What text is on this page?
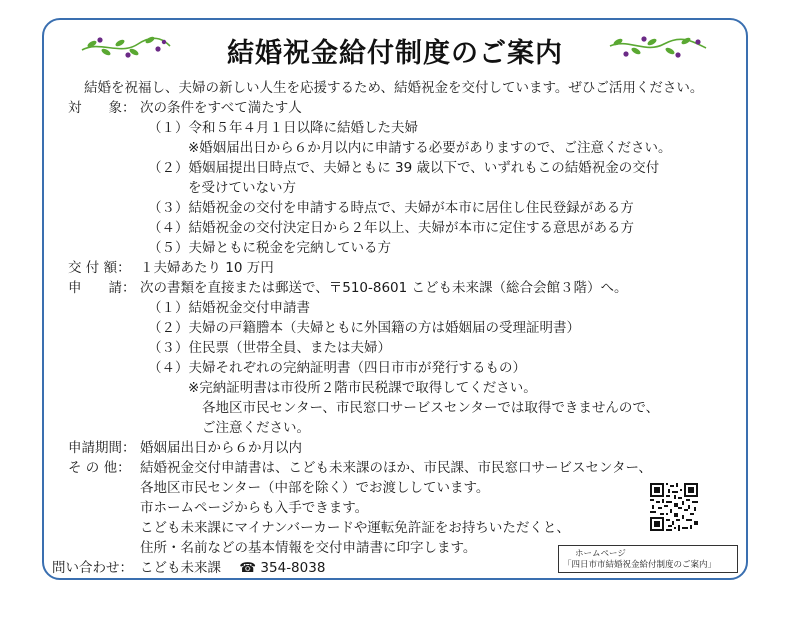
結婚祝金給付制度のご案内
結婚を祝福し、夫婦の新しい人生を応援するため、結婚祝金を交付しています。ぜひご活用ください。
対　　象： 次の条件をすべて満たす人
（１）令和５年４月１日以降に結婚した夫婦
※婚姻届出日から６か月以内に申請する必要がありますので、ご注意ください。
（２）婚姻届提出日時点で、夫婦ともに 39 歳以下で、いずれもこの結婚祝金の交付
を受けていない方
（３）結婚祝金の交付を申請する時点で、夫婦が本市に居住し住民登録がある方
（４）結婚祝金の交付決定日から２年以上、夫婦が本市に定住する意思がある方
（５）夫婦ともに税金を完納している方
交 付 額： １夫婦あたり 10 万円
申　　請： 次の書類を直接または郵送で、〒510-8601 こども未来課（総合会館３階）へ。
（１）結婚祝金交付申請書
（２）夫婦の戸籍謄本（夫婦ともに外国籍の方は婚姻届の受理証明書）
（３）住民票（世帯全員、または夫婦）
（４）夫婦それぞれの完納証明書（四日市市が発行するもの）
※完納証明書は市役所２階市民税課で取得してください。
各地区市民センター、市民窓口サービスセンターでは取得できませんので、
ご注意ください。
申請期間： 婚姻届出日から６か月以内
そ の 他： 結婚祝金交付申請書は、こども未来課のほか、市民課、市民窓口サービスセンター、
各地区市民センター（中部を除く）でお渡ししています。
市ホームページからも入手できます。
こども未来課にマイナンバーカードや運転免許証をお持ちいただくと、
住所・名前などの基本情報を交付申請書に印字します。
問い合わせ： こども未来課 ☎ 354-8038
ホームページ
「四日市市結婚祝金給付制度のご案内」
